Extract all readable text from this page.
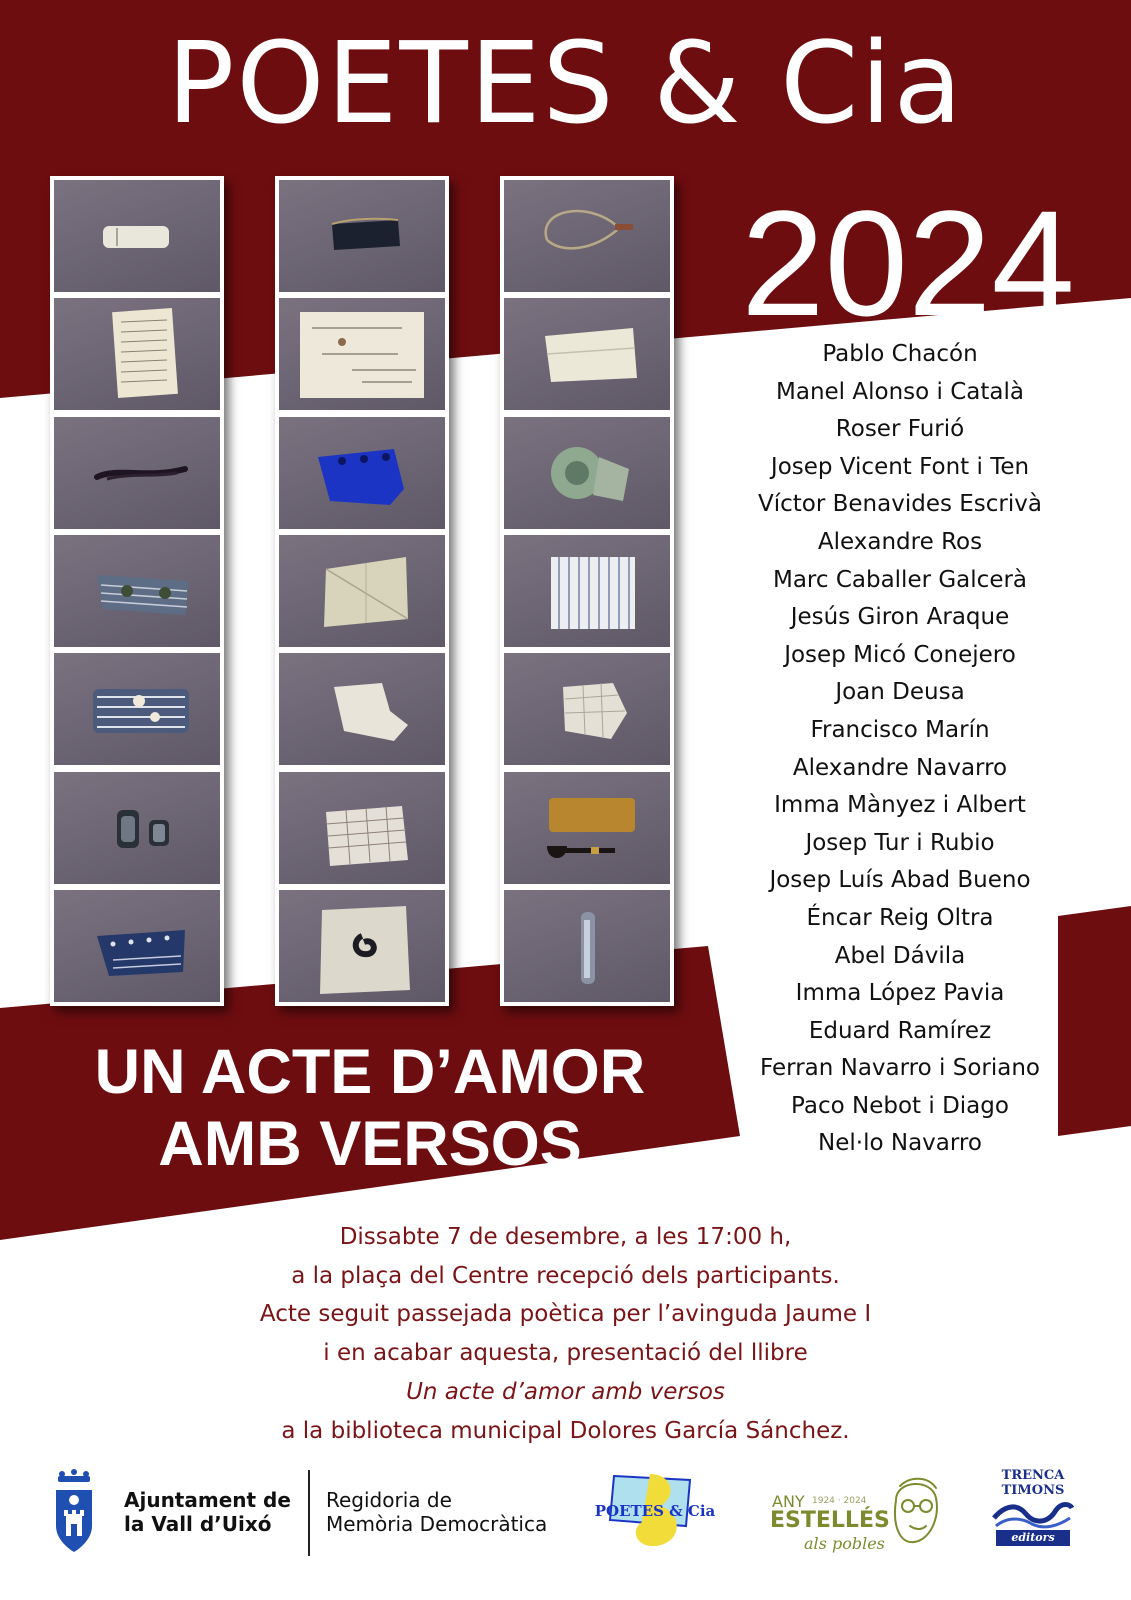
POETES & Cia
2024
Pablo Chacón
Manel Alonso i Català
Roser Furió
Josep Vicent Font i Ten
Víctor Benavides Escrivà
Alexandre Ros
Marc Caballer Galcerà
Jesús Giron Araque
Josep Micó Conejero
Joan Deusa
Francisco Marín
Alexandre Navarro
Imma Mànyez i Albert
Josep Tur i Rubio
Josep Luís Abad Bueno
Éncar Reig Oltra
Abel Dávila
Imma López Pavia
Eduard Ramírez
Ferran Navarro i Soriano
Paco Nebot i Diago
Nel·lo Navarro
UN ACTE D’AMOR
AMB VERSOS
Dissabte 7 de desembre, a les 17:00 h,
a la plaça del Centre recepció dels participants.
Acte seguit passejada poètica per l’avinguda Jaume I
i en acabar aquesta, presentació del llibre
Un acte d’amor amb versos
a la biblioteca municipal Dolores García Sánchez.
Ajuntament de
la Vall d’Uixó
Regidoria de
Memòria Democràtica
POETES & Cia	ANY 1924 · 2024
ESTELLÉS
als pobles
TRENCA
TIMONS
editors
